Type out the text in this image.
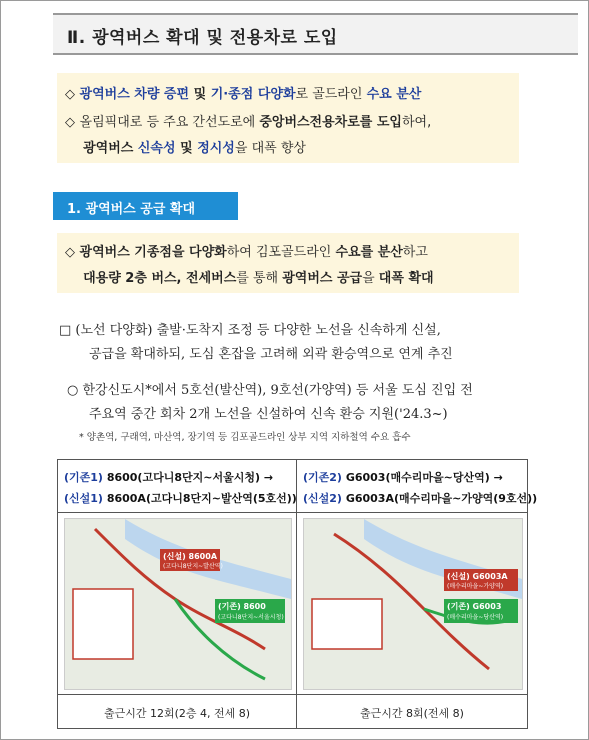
Ⅱ. 광역버스 확대 및 전용차로 도입
◇ 광역버스 차량 증편 및 기·종점 다양화로 골드라인 수요 분산
◇ 올림픽대로 등 주요 간선도로에 중앙버스전용차로를 도입하여,
광역버스 신속성 및 정시성을 대폭 향상
1. 광역버스 공급 확대
◇ 광역버스 기종점을 다양화하여 김포골드라인 수요를 분산하고
대용량 2층 버스, 전세버스를 통해 광역버스 공급을 대폭 확대
□ (노선 다양화) 출발·도착지 조정 등 다양한 노선을 신속하게 신설,
공급을 확대하되, 도심 혼잡을 고려해 외곽 환승역으로 연계 추진
○ 한강신도시*에서 5호선(발산역), 9호선(가양역) 등 서울 도심 진입 전
주요역 중간 회차 2개 노선을 신설하여 신속 환승 지원('24.3~)
* 양촌역, 구래역, 마산역, 장기역 등 김포골드라인 상부 지역 지하철역 수요 흡수
(기존1) 8600(고다니8단지~서울시청) →
(신설1) 8600A(고다니8단지~발산역(5호선))
(신설) 8600A
(고다니8단지~발산역)
(기존) 8600
(고다니8단지~서울시청)
출근시간 12회(2층 4, 전세 8)
(기존2) G6003(매수리마을~당산역) →
(신설2) G6003A(매수리마을~가양역(9호선))
(신설) G6003A
(매수리마을~가양역)
(기존) G6003
(매수리마을~당산역)
출근시간 8회(전세 8)
